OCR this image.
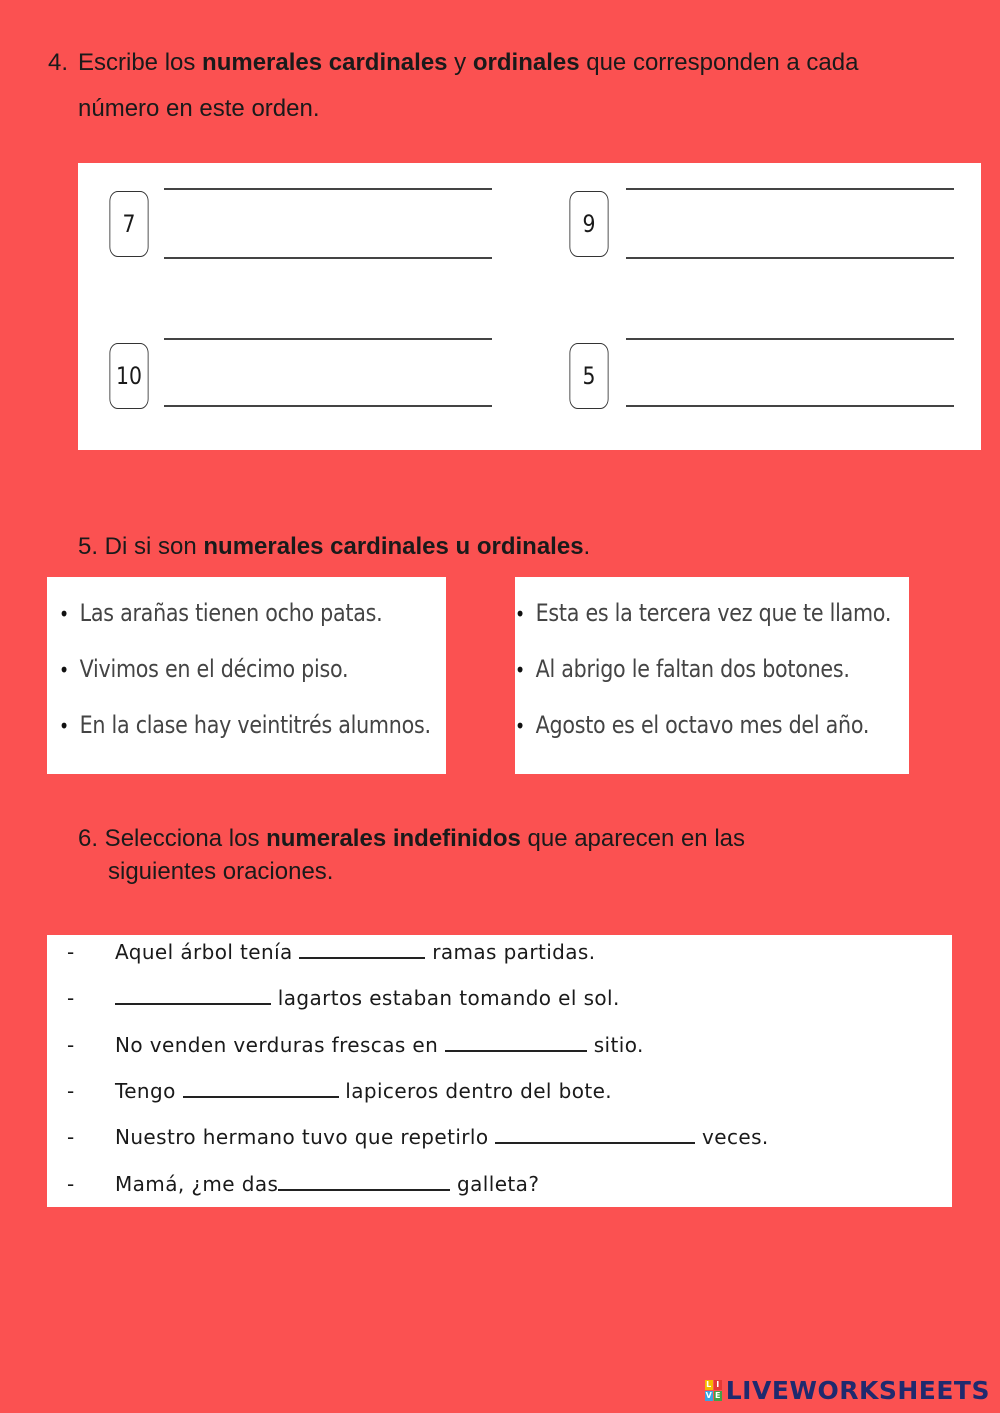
4. Escribe los numerales cardinales y ordinales que corresponden a cada
número en este orden.
7	9
10	5
5. Di si son numerales cardinales u ordinales.
• Las arañas tienen ocho patas.
• Vivimos en el décimo piso.
• En la clase hay veintitrés alumnos.
• Esta es la tercera vez que te llamo.
• Al abrigo le faltan dos botones.
• Agosto es el octavo mes del año.
6. Selecciona los numerales indefinidos que aparecen en las
siguientes oraciones.
- Aquel árbol tenía	ramas partidas.
-	lagartos estaban tomando el sol.
- No venden verduras frescas en	sitio.
- Tengo	lapiceros dentro del bote.
- Nuestro hermano tuvo que repetirlo	veces.
- Mamá, ¿me das	galleta?
L I
V E LIVEWORKSHEETS
